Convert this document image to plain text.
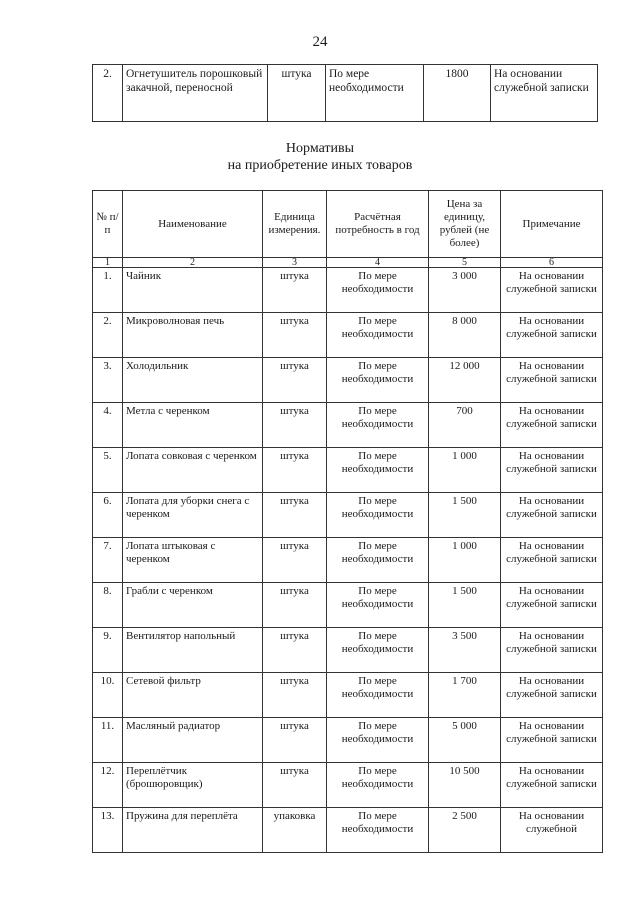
24
2.	Огнетушитель порошковый закачной, переносной	штука	По мере необходимости	1800	На основании служебной записки
Нормативы
на приобретение иных товаров
№ п/п	Наименование	Единица измерения.	Расчётная потребность в год	Цена за единицу, рублей (не более)	Примечание
1	2	3	4	5	6
1.	Чайник	штука	По мере необходимости	3 000	На основании служебной записки
2.	Микроволновая печь	штука	По мере необходимости	8 000	На основании служебной записки
3.	Холодильник	штука	По мере необходимости	12 000	На основании служебной записки
4.	Метла с черенком	штука	По мере необходимости	700	На основании служебной записки
5.	Лопата совковая с черенком	штука	По мере необходимости	1 000	На основании служебной записки
6.	Лопата для уборки снега с черенком	штука	По мере необходимости	1 500	На основании служебной записки
7.	Лопата штыковая с черенком	штука	По мере необходимости	1 000	На основании служебной записки
8.	Грабли с черенком	штука	По мере необходимости	1 500	На основании служебной записки
9.	Вентилятор напольный	штука	По мере необходимости	3 500	На основании служебной записки
10.	Сетевой фильтр	штука	По мере необходимости	1 700	На основании служебной записки
11.	Масляный радиатор	штука	По мере необходимости	5 000	На основании служебной записки
12.	Переплётчик (брошюровщик)	штука	По мере необходимости	10 500	На основании служебной записки
13.	Пружина для переплёта	упаковка	По мере необходимости	2 500	На основании служебной
